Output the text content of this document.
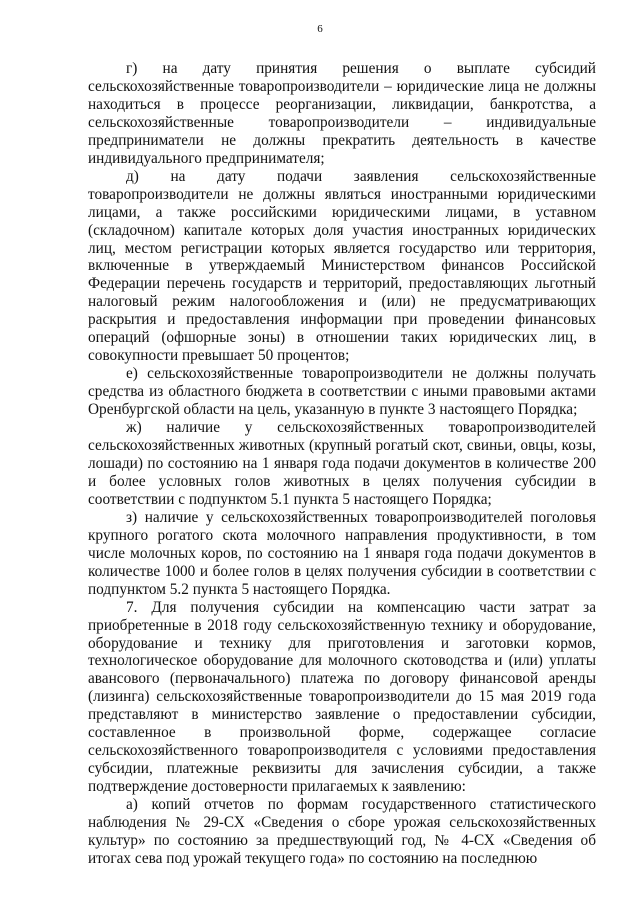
6

г) на дату принятия решения о выплате субсидий сельскохозяйственные товаропроизводители – юридические лица не должны находиться в процессе реорганизации, ликвидации, банкротства, а сельскохозяйственные товаропроизводители – индивидуальные предприниматели не должны прекратить деятельность в качестве индивидуального предпринимателя;

д) на дату подачи заявления сельскохозяйственные товаропроизводители не должны являться иностранными юридическими лицами, а также российскими юридическими лицами, в уставном (складочном) капитале которых доля участия иностранных юридических лиц, местом регистрации которых является государство или территория, включенные в утверждаемый Министерством финансов Российской Федерации перечень государств и территорий, предоставляющих льготный налоговый режим налогообложения и (или) не предусматривающих раскрытия и предоставления информации при проведении финансовых операций (офшорные зоны) в отношении таких юридических лиц, в совокупности превышает 50 процентов;

е) сельскохозяйственные товаропроизводители не должны получать средства из областного бюджета в соответствии с иными правовыми актами Оренбургской области на цель, указанную в пункте 3 настоящего Порядка;

ж) наличие у сельскохозяйственных товаропроизводителей сельскохозяйственных животных (крупный рогатый скот, свиньи, овцы, козы, лошади) по состоянию на 1 января года подачи документов в количестве 200 и более условных голов животных в целях получения субсидии в соответствии с подпунктом 5.1 пункта 5 настоящего Порядка;

з) наличие у сельскохозяйственных товаропроизводителей поголовья крупного рогатого скота молочного направления продуктивности, в том числе молочных коров, по состоянию на 1 января года подачи документов в количестве 1000 и более голов в целях получения субсидии в соответствии с подпунктом 5.2 пункта 5 настоящего Порядка.

7. Для получения субсидии на компенсацию части затрат за приобретенные в 2018 году сельскохозяйственную технику и оборудование, оборудование и технику для приготовления и заготовки кормов, технологическое оборудование для молочного скотоводства и (или) уплаты авансового (первоначального) платежа по договору финансовой аренды (лизинга) сельскохозяйственные товаропроизводители до 15 мая 2019 года представляют в министерство заявление о предоставлении субсидии, составленное в произвольной форме, содержащее согласие сельскохозяйственного товаропроизводителя с условиями предоставления субсидии, платежные реквизиты для зачисления субсидии, а также подтверждение достоверности прилагаемых к заявлению:

а) копий отчетов по формам государственного статистического наблюдения № 29-СХ «Сведения о сборе урожая сельскохозяйственных культур» по состоянию за предшествующий год, № 4-СХ «Сведения об итогах сева под урожай текущего года» по состоянию на последнюю
